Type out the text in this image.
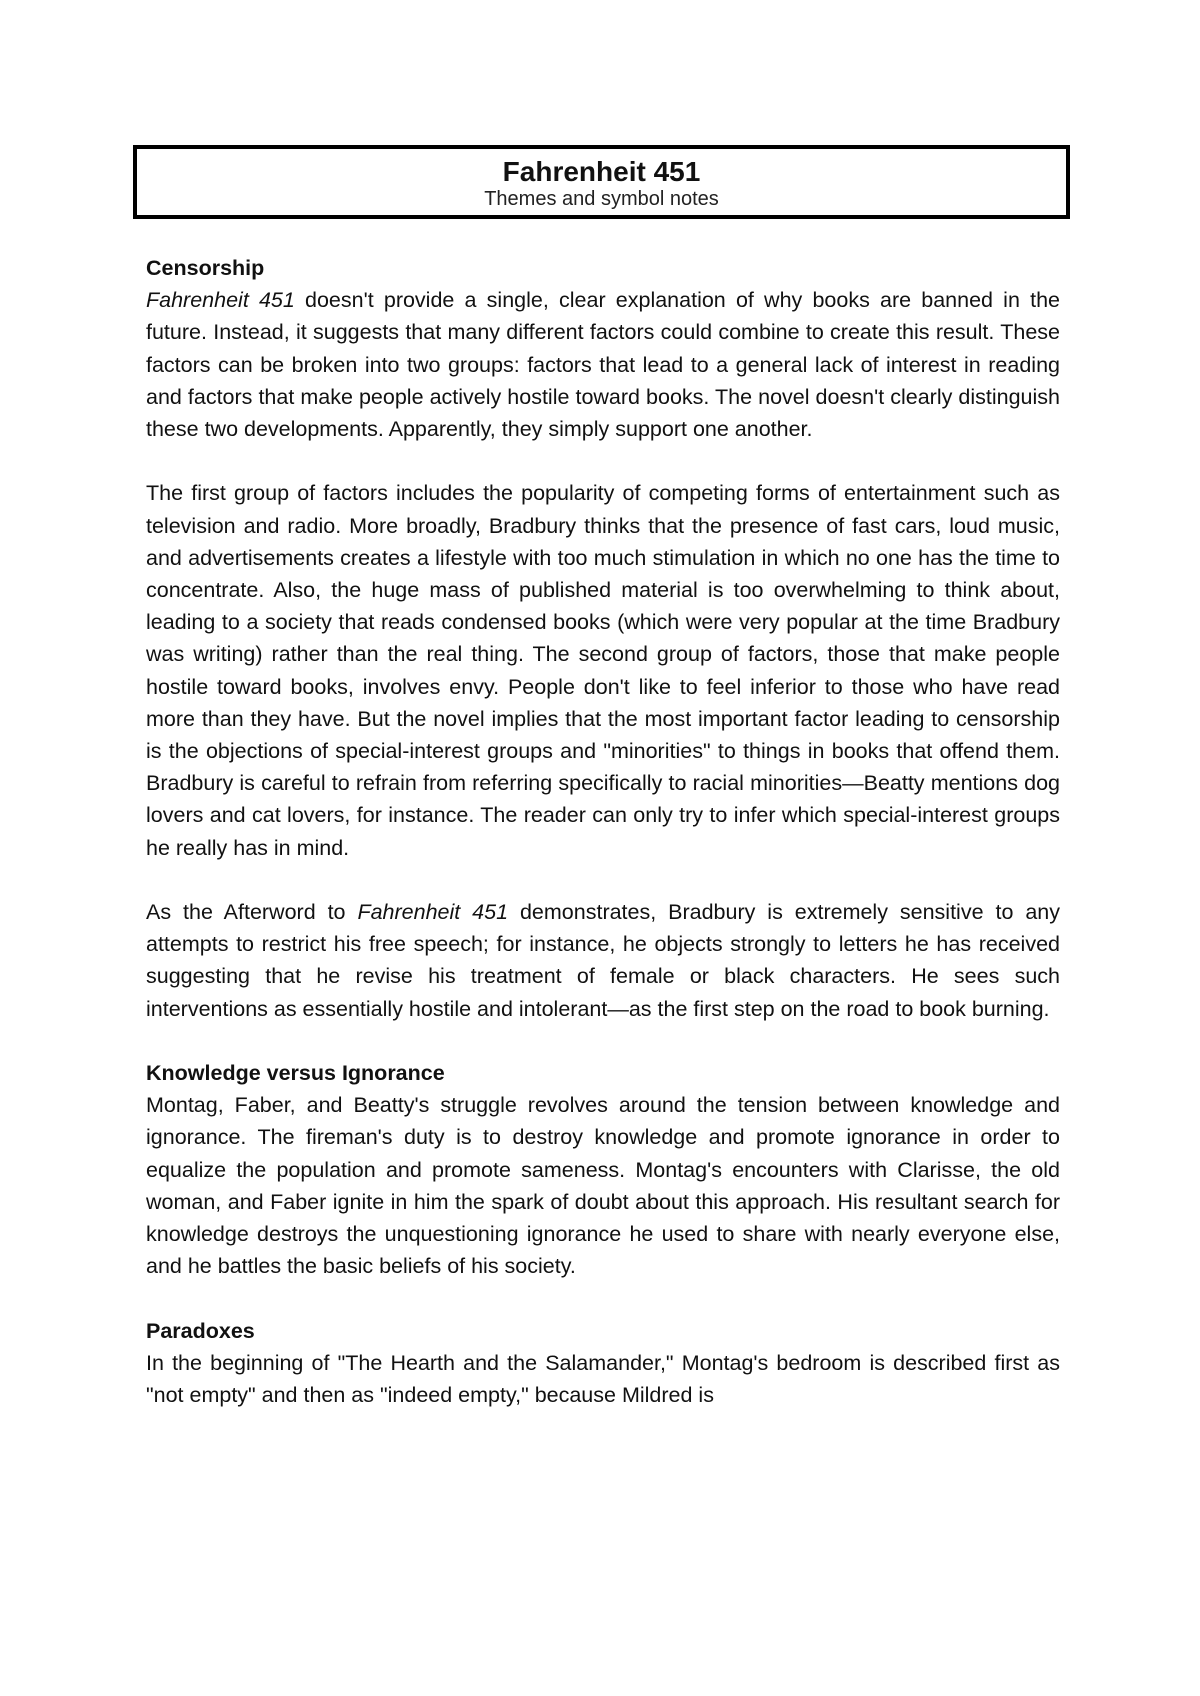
Fahrenheit 451
Themes and symbol notes

Censorship

Fahrenheit 451 doesn't provide a single, clear explanation of why books are banned in the future. Instead, it suggests that many different factors could combine to create this result. These factors can be broken into two groups: factors that lead to a general lack of interest in reading and factors that make people actively hostile toward books. The novel doesn't clearly distinguish these two developments. Apparently, they simply support one another.

The first group of factors includes the popularity of competing forms of entertainment such as television and radio. More broadly, Bradbury thinks that the presence of fast cars, loud music, and advertisements creates a lifestyle with too much stimulation in which no one has the time to concentrate. Also, the huge mass of published material is too overwhelming to think about, leading to a society that reads condensed books (which were very popular at the time Bradbury was writing) rather than the real thing. The second group of factors, those that make people hostile toward books, involves envy. People don't like to feel inferior to those who have read more than they have. But the novel implies that the most important factor leading to censorship is the objections of special-interest groups and "minorities" to things in books that offend them. Bradbury is careful to refrain from referring specifically to racial minorities—Beatty mentions dog lovers and cat lovers, for instance. The reader can only try to infer which special-interest groups he really has in mind.

As the Afterword to Fahrenheit 451 demonstrates, Bradbury is extremely sensitive to any attempts to restrict his free speech; for instance, he objects strongly to letters he has received suggesting that he revise his treatment of female or black characters. He sees such interventions as essentially hostile and intolerant—as the first step on the road to book burning.

Knowledge versus Ignorance

Montag, Faber, and Beatty's struggle revolves around the tension between knowledge and ignorance. The fireman's duty is to destroy knowledge and promote ignorance in order to equalize the population and promote sameness. Montag's encounters with Clarisse, the old woman, and Faber ignite in him the spark of doubt about this approach. His resultant search for knowledge destroys the unquestioning ignorance he used to share with nearly everyone else, and he battles the basic beliefs of his society.

Paradoxes

In the beginning of "The Hearth and the Salamander," Montag's bedroom is described first as "not empty" and then as "indeed empty," because Mildred is
